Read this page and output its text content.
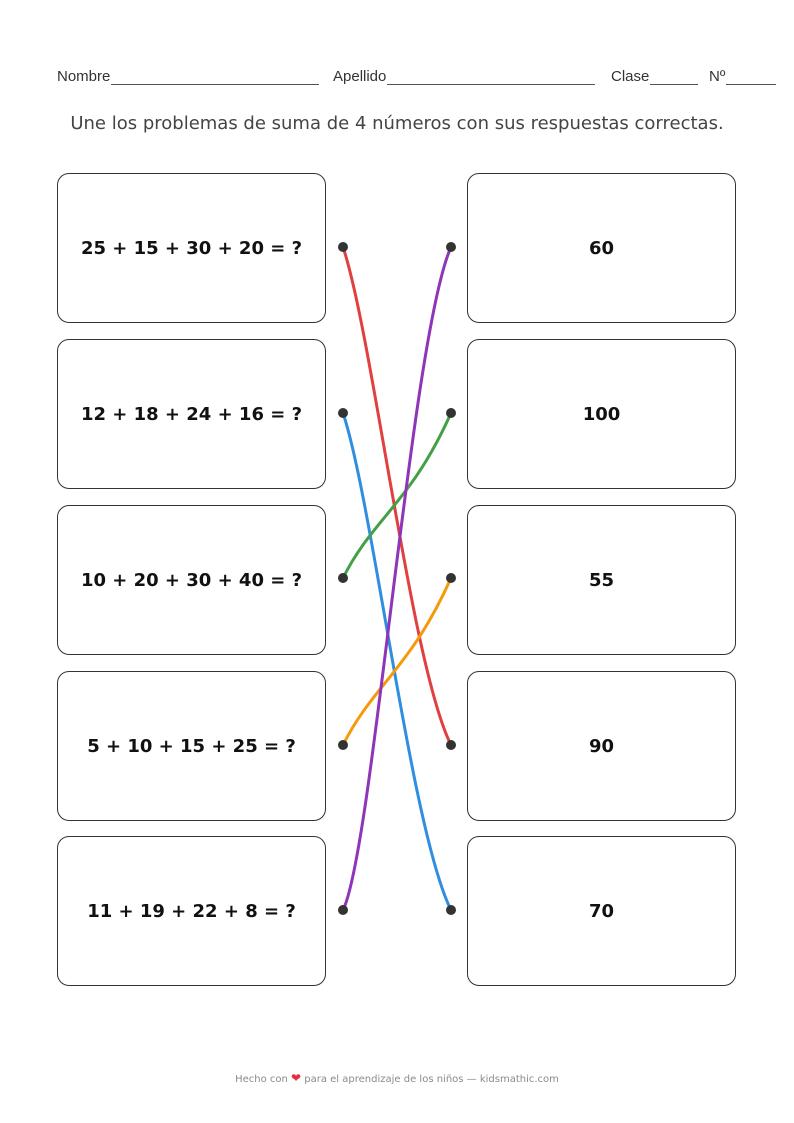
Nombre	Apellido	Clase	Nº
Une los problemas de suma de 4 números con sus respuestas correctas.
25 + 15 + 30 + 20 = ?
12 + 18 + 24 + 16 = ?
10 + 20 + 30 + 40 = ?
5 + 10 + 15 + 25 = ?
11 + 19 + 22 + 8 = ?
60
100
55
90
70
Hecho con ❤ para el aprendizaje de los niños — kidsmathic.com
